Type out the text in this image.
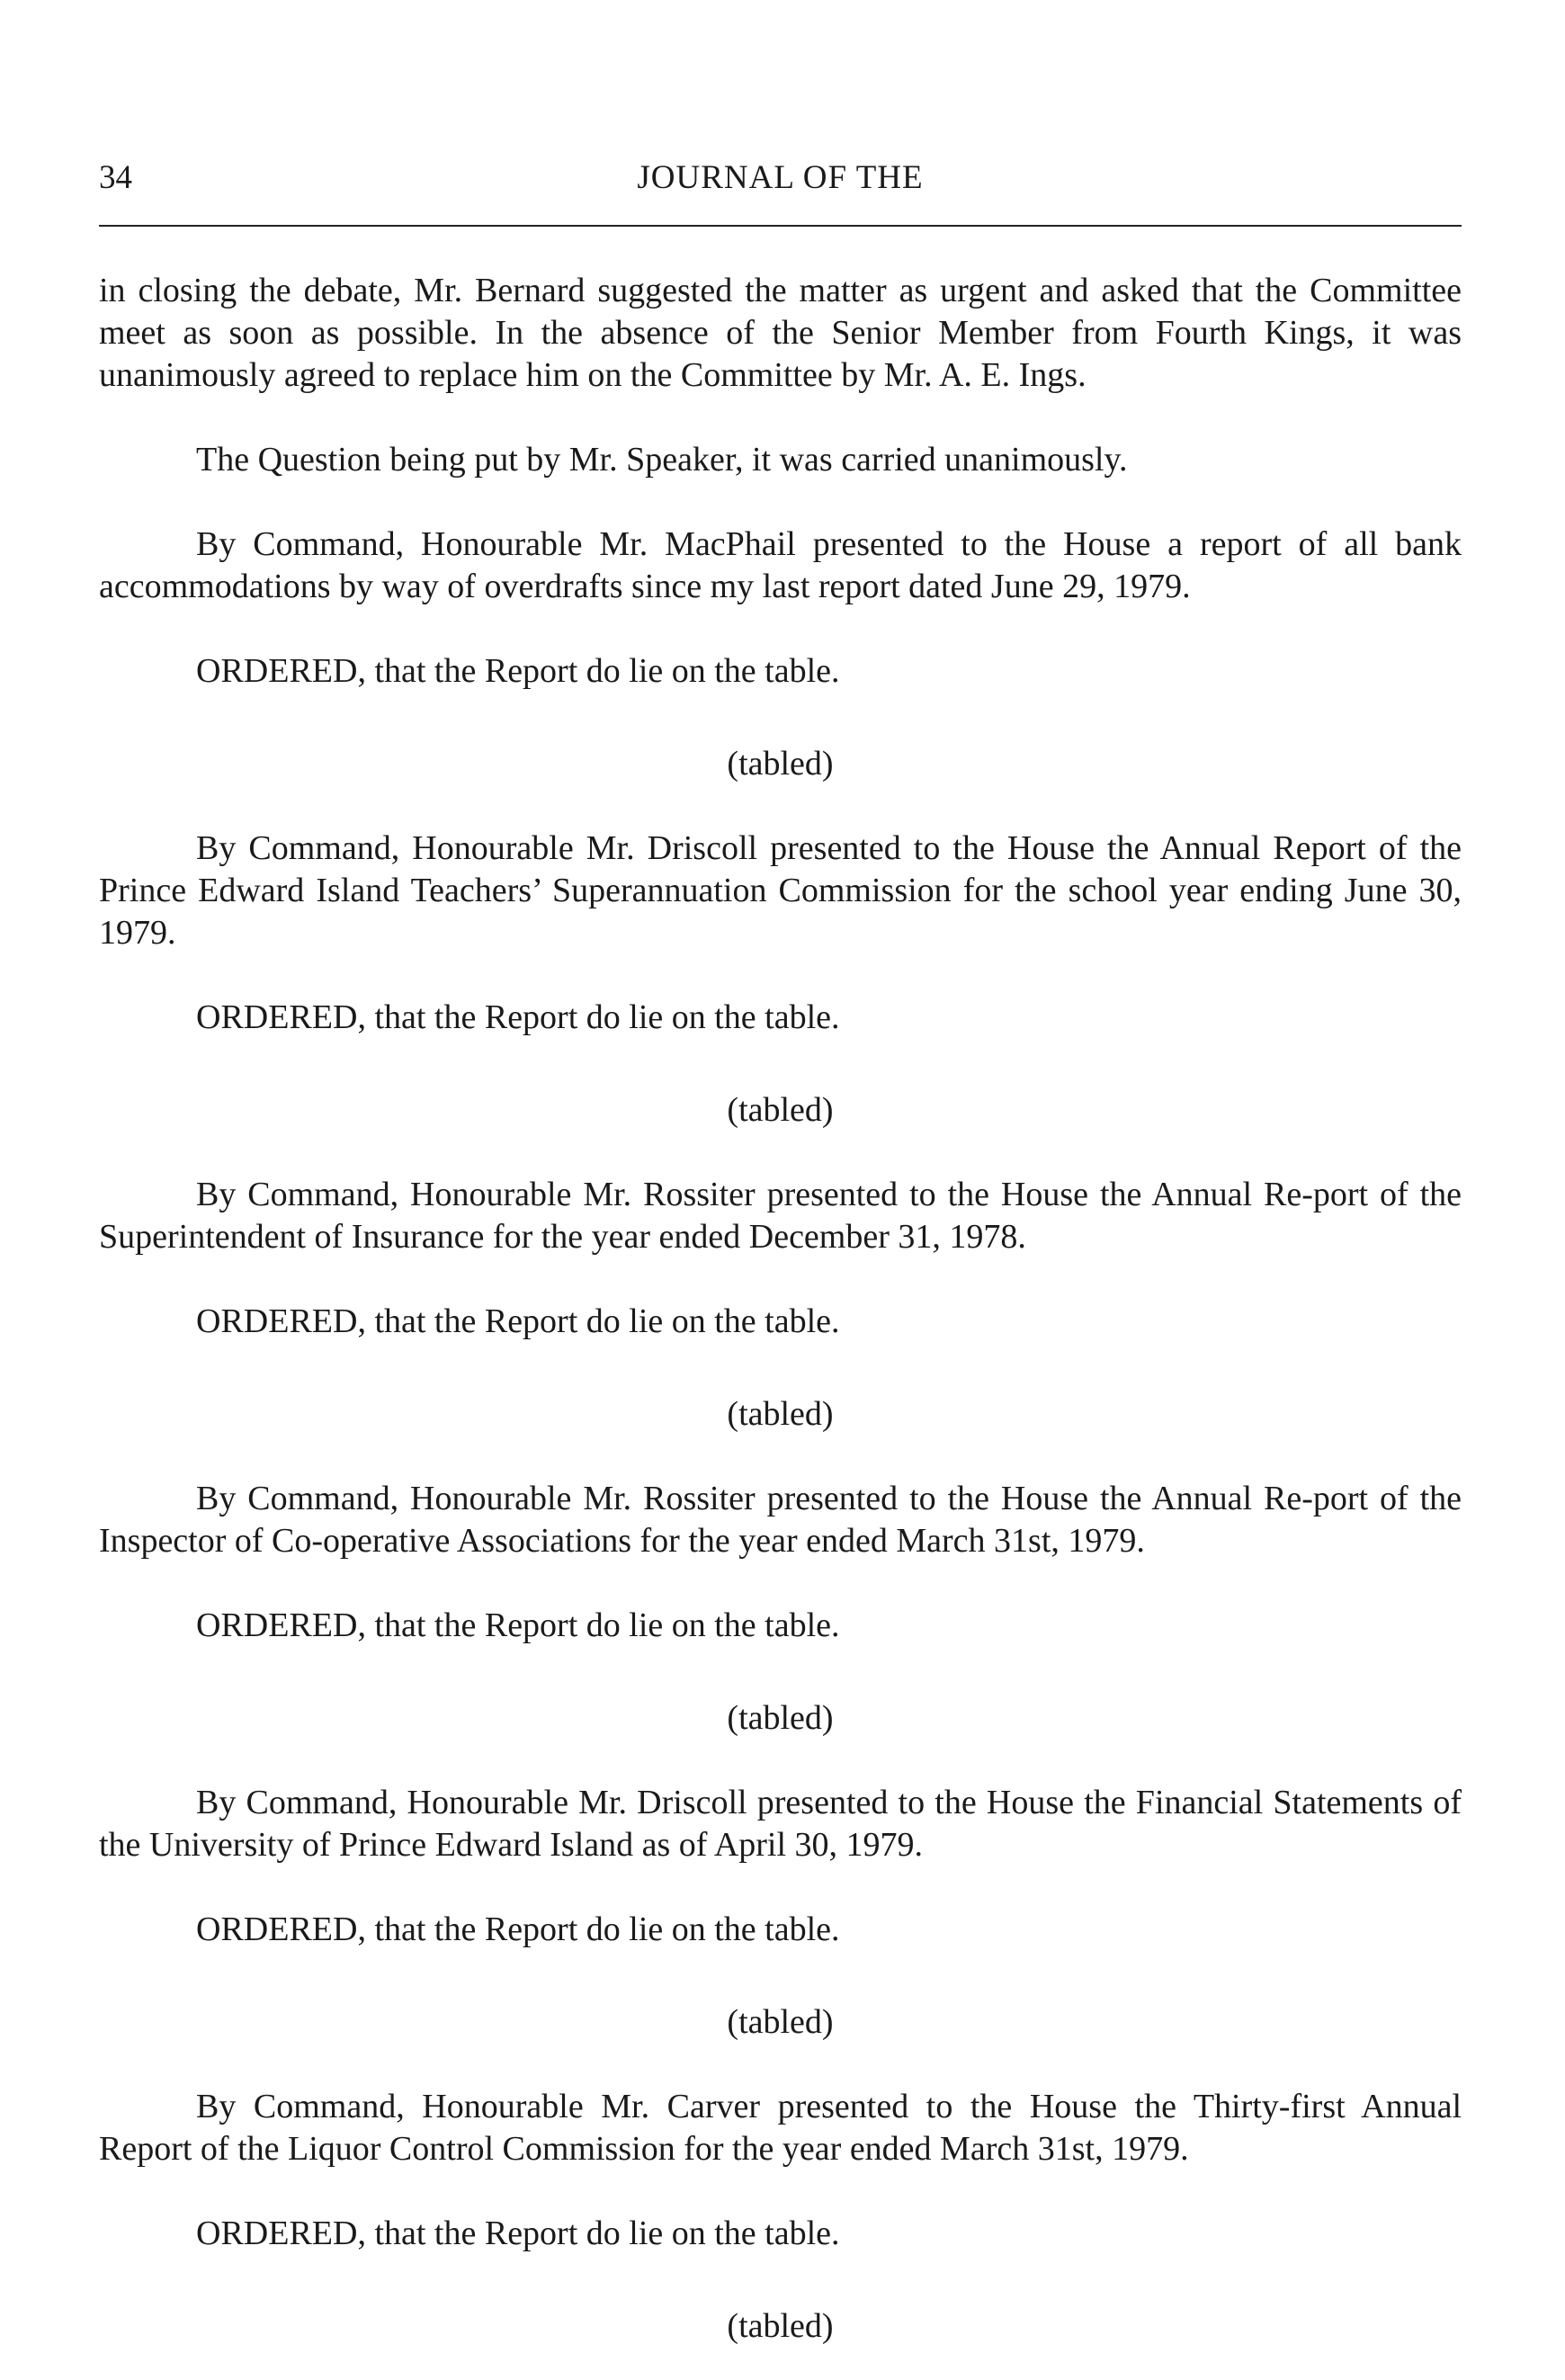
34	JOURNAL OF THE

in closing the debate, Mr. Bernard suggested the matter as urgent and asked that the Committee meet as soon as possible. In the absence of the Senior Member from Fourth Kings, it was unanimously agreed to replace him on the Committee by Mr. A. E. Ings.

The Question being put by Mr. Speaker, it was carried unanimously.

By Command, Honourable Mr. MacPhail presented to the House a report of all bank accommodations by way of overdrafts since my last report dated June 29, 1979.

ORDERED, that the Report do lie on the table.

(tabled)

By Command, Honourable Mr. Driscoll presented to the House the Annual Report of the Prince Edward Island Teachers’ Superannuation Commission for the school year ending June 30, 1979.

ORDERED, that the Report do lie on the table.

(tabled)

By Command, Honourable Mr. Rossiter presented to the House the Annual Re-port of the Superintendent of Insurance for the year ended December 31, 1978.

ORDERED, that the Report do lie on the table.

(tabled)

By Command, Honourable Mr. Rossiter presented to the House the Annual Re-port of the Inspector of Co-operative Associations for the year ended March 31st, 1979.

ORDERED, that the Report do lie on the table.

(tabled)

By Command, Honourable Mr. Driscoll presented to the House the Financial Statements of the University of Prince Edward Island as of April 30, 1979.

ORDERED, that the Report do lie on the table.

(tabled)

By Command, Honourable Mr. Carver presented to the House the Thirty-first Annual Report of the Liquor Control Commission for the year ended March 31st, 1979.

ORDERED, that the Report do lie on the table.

(tabled)
